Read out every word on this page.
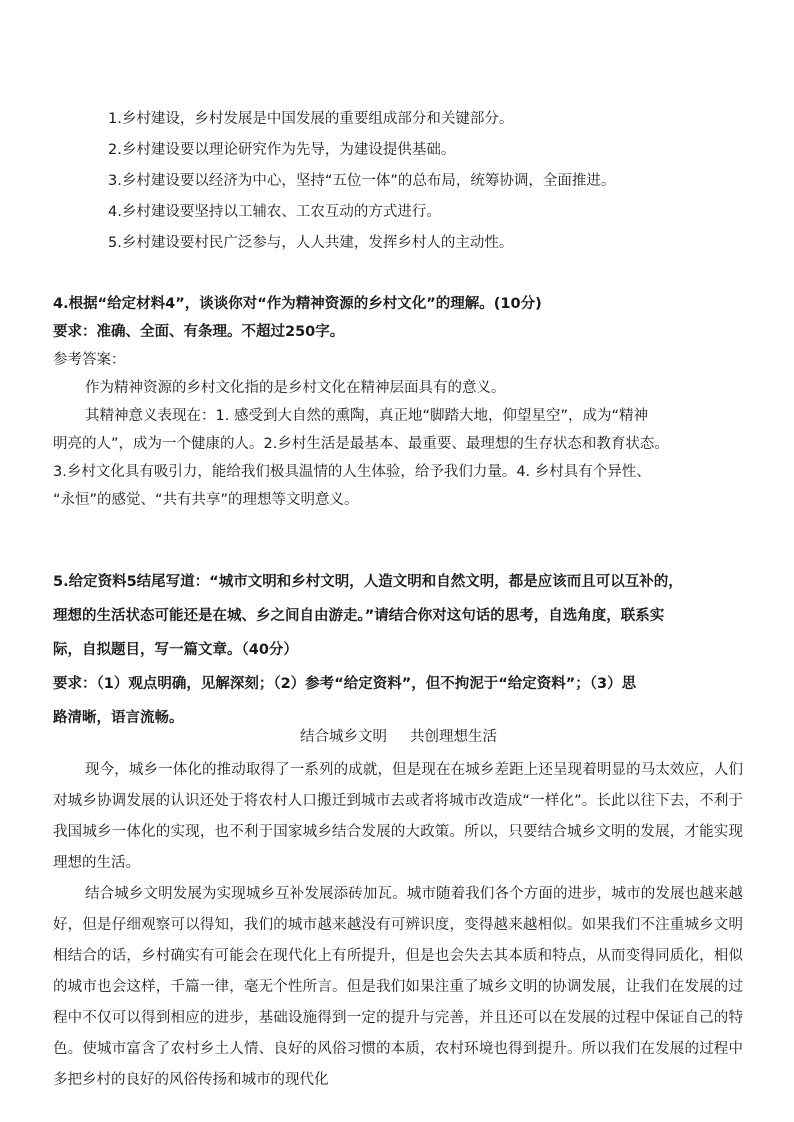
1.乡村建设，乡村发展是中国发展的重要组成部分和关键部分。
2.乡村建设要以理论研究作为先导，为建设提供基础。
3.乡村建设要以经济为中心，坚持“五位一体”的总布局，统筹协调，全面推进。
4.乡村建设要坚持以工辅农、工农互动的方式进行。
5.乡村建设要村民广泛参与，人人共建，发挥乡村人的主动性。
4.根据“给定材料4”，谈谈你对“作为精神资源的乡村文化”的理解。(10分)
要求：准确、全面、有条理。不超过250字。
参考答案：
作为精神资源的乡村文化指的是乡村文化在精神层面具有的意义。
其精神意义表现在：1. 感受到大自然的熏陶，真正地“脚踏大地，仰望星空”，成为“精神
明亮的人”，成为一个健康的人。2.乡村生活是最基本、最重要、最理想的生存状态和教育状态。
3.乡村文化具有吸引力，能给我们极具温情的人生体验，给予我们力量。4. 乡村具有个异性、
“永恒”的感觉、“共有共享”的理想等文明意义。
5.给定资料5结尾写道：“城市文明和乡村文明，人造文明和自然文明，都是应该而且可以互补的，
理想的生活状态可能还是在城、乡之间自由游走。”请结合你对这句话的思考，自选角度，联系实
际，自拟题目，写一篇文章。（40分）
要求：（1）观点明确，见解深刻；（2）参考“给定资料”，但不拘泥于“给定资料”；（3）思
路清晰，语言流畅。
结合城乡文明     共创理想生活

现今，城乡一体化的推动取得了一系列的成就，但是现在在城乡差距上还呈现着明显的马太效应，人们对城乡协调发展的认识还处于将农村人口搬迁到城市去或者将城市改造成“一样化”。长此以往下去，不利于我国城乡一体化的实现，也不利于国家城乡结合发展的大政策。所以，只要结合城乡文明的发展，才能实现理想的生活。

结合城乡文明发展为实现城乡互补发展添砖加瓦。城市随着我们各个方面的进步，城市的发展也越来越好，但是仔细观察可以得知，我们的城市越来越没有可辨识度，变得越来越相似。如果我们不注重城乡文明相结合的话，乡村确实有可能会在现代化上有所提升，但是也会失去其本质和特点，从而变得同质化，相似的城市也会这样，千篇一律，毫无个性所言。但是我们如果注重了城乡文明的协调发展，让我们在发展的过程中不仅可以得到相应的进步，基础设施得到一定的提升与完善，并且还可以在发展的过程中保证自己的特色。使城市富含了农村乡土人情、良好的风俗习惯的本质，农村环境也得到提升。所以我们在发展的过程中多把乡村的良好的风俗传扬和城市的现代化
